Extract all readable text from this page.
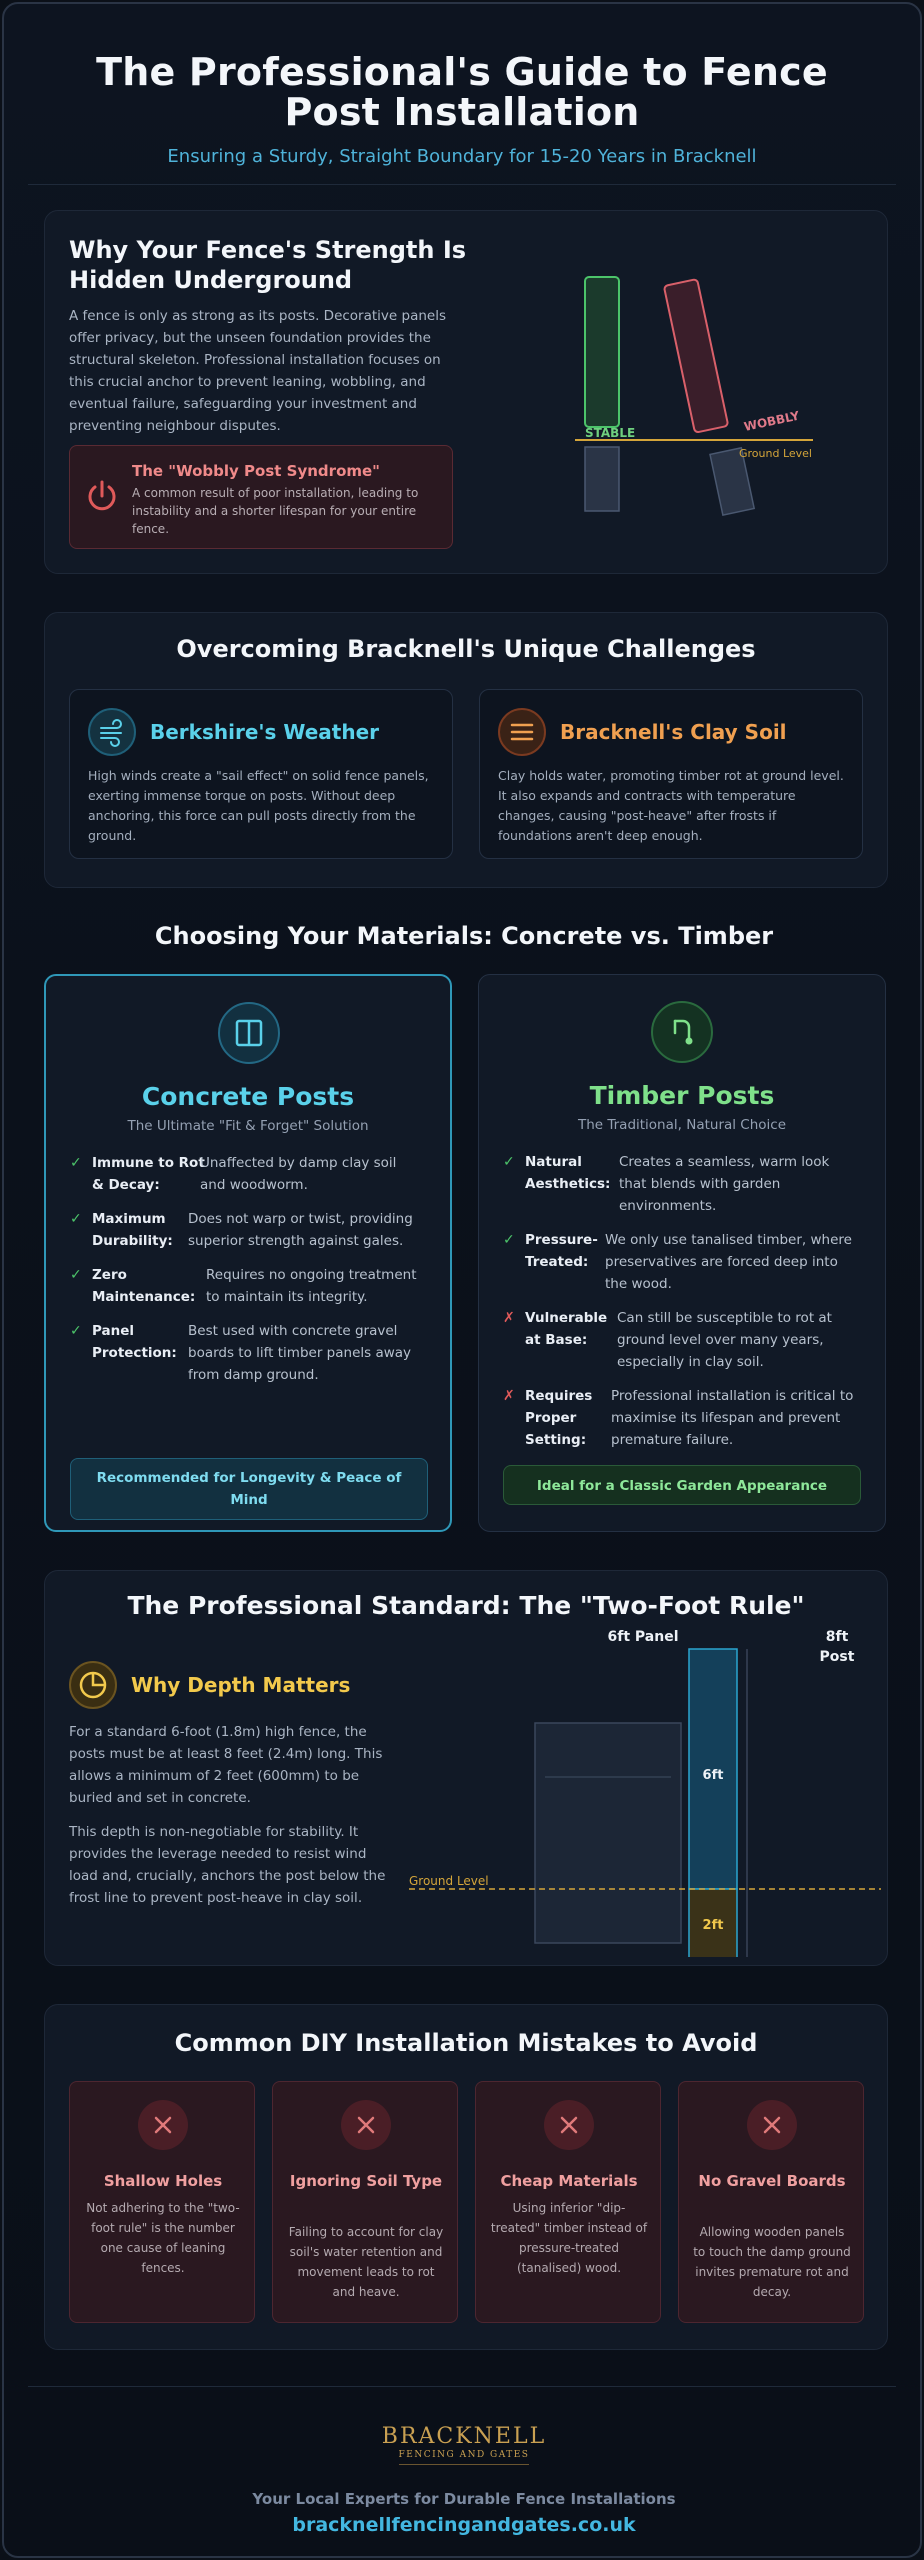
The Professional's Guide to Fence Post Installation
Ensuring a Sturdy, Straight Boundary for 15-20 Years in Bracknell
Why Your Fence's Strength Is Hidden Underground
A fence is only as strong as its posts. Decorative panels offer privacy, but the unseen foundation provides the structural skeleton. Professional installation focuses on this crucial anchor to prevent leaning, wobbling, and eventual failure, safeguarding your investment and preventing neighbour disputes.
The "Wobbly Post Syndrome"
A common result of poor installation, leading to instability and a shorter lifespan for your entire fence.
STABLE	WOBBLY
Ground Level
Overcoming Bracknell's Unique Challenges
Berkshire's Weather
High winds create a "sail effect" on solid fence panels, exerting immense torque on posts. Without deep anchoring, this force can pull posts directly from the ground.
Bracknell's Clay Soil
Clay holds water, promoting timber rot at ground level. It also expands and contracts with temperature changes, causing "post-heave" after frosts if foundations aren't deep enough.
Choosing Your Materials: Concrete vs. Timber
Concrete Posts
The Ultimate "Fit & Forget" Solution
✓ Immune to Rot
& Decay:
Unaffected by damp clay soil
and woodworm.
✓ Maximum
Durability:
Does not warp or twist, providing
superior strength against gales.
✓ Zero
Maintenance:
Requires no ongoing treatment
to maintain its integrity.
✓ Panel
Protection:
Best used with concrete gravel
boards to lift timber panels away
from damp ground.
Recommended for Longevity & Peace of Mind
Timber Posts
The Traditional, Natural Choice
✓ Natural
Aesthetics:
Creates a seamless, warm look
that blends with garden
environments.
✓ Pressure-
Treated:
We only use tanalised timber, where
preservatives are forced deep into
the wood.
✗ Vulnerable
at Base:
Can still be susceptible to rot at
ground level over many years,
especially in clay soil.
✗ Requires
Proper
Setting:
Professional installation is critical to
maximise its lifespan and prevent
premature failure.
Ideal for a Classic Garden Appearance
The Professional Standard: The "Two-Foot Rule"
Why Depth Matters
For a standard 6-foot (1.8m) high fence, the posts must be at least 8 feet (2.4m) long. This allows a minimum of 2 feet (600mm) to be buried and set in concrete.
This depth is non-negotiable for stability. It provides the leverage needed to resist wind load and, crucially, anchors the post below the frost line to prevent post-heave in clay soil.
6ft Panel	8ft
Post
Ground Level
6ft
2ft
Common DIY Installation Mistakes to Avoid
Shallow Holes
Not adhering to the "two-foot rule" is the number one cause of leaning fences.
Ignoring Soil Type
Failing to account for clay soil's water retention and movement leads to rot and heave.
Cheap Materials
Using inferior "dip-treated" timber instead of pressure-treated (tanalised) wood.
No Gravel Boards
Allowing wooden panels to touch the damp ground invites premature rot and decay.
BRACKNELL
FENCING AND GATES
Your Local Experts for Durable Fence Installations
bracknellfencingandgates.co.uk
